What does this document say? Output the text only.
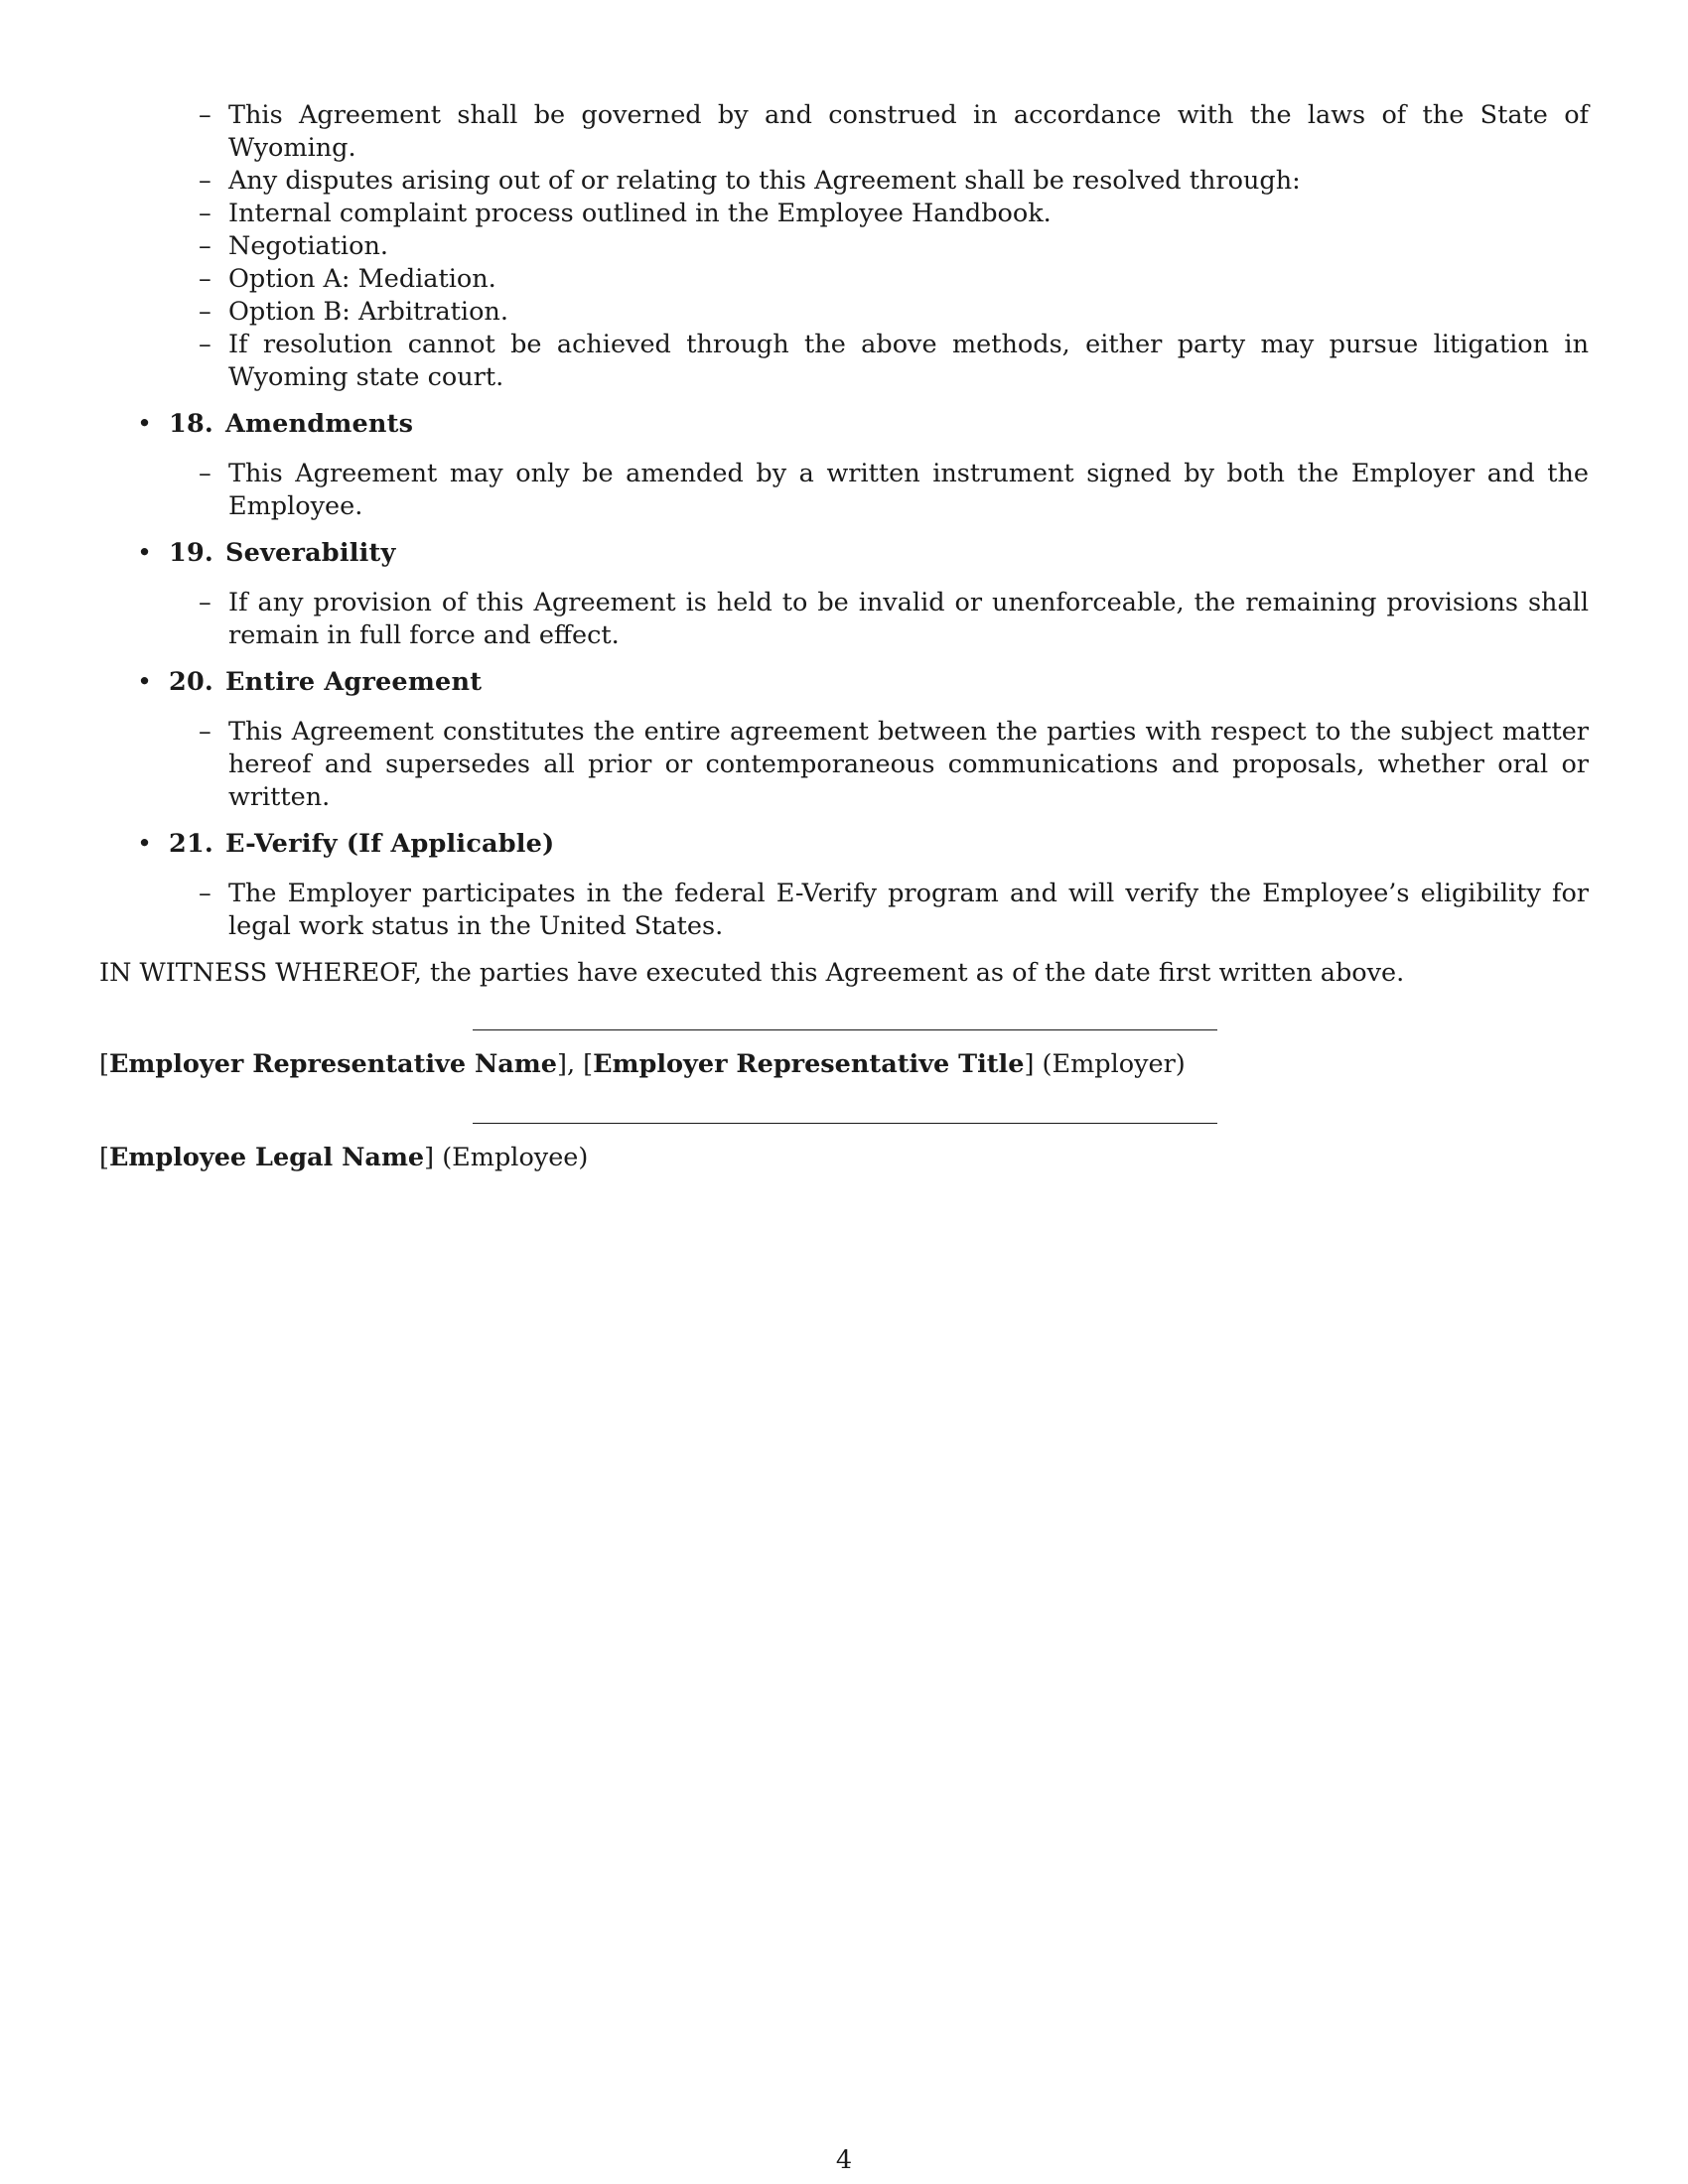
– This Agreement shall be governed by and construed in accordance with the laws of the State of Wyoming.
– Any disputes arising out of or relating to this Agreement shall be resolved through:
– Internal complaint process outlined in the Employee Handbook.
– Negotiation.
– Option A: Mediation.
– Option B: Arbitration.
– If resolution cannot be achieved through the above methods, either party may pursue litigation in Wyoming state court.
• 18. Amendments
– This Agreement may only be amended by a written instrument signed by both the Employer and the Employee.
• 19. Severability
– If any provision of this Agreement is held to be invalid or unenforceable, the remaining provisions shall remain in full force and effect.
• 20. Entire Agreement
– This Agreement constitutes the entire agreement between the parties with respect to the subject matter hereof and supersedes all prior or contemporaneous communications and proposals, whether oral or written.
• 21. E-Verify (If Applicable)
– The Employer participates in the federal E-Verify program and will verify the Employee’s eligibility for legal work status in the United States.
IN WITNESS WHEREOF, the parties have executed this Agreement as of the date first written above.
[Employer Representative Name], [Employer Representative Title] (Employer)
[Employee Legal Name] (Employee)
4
